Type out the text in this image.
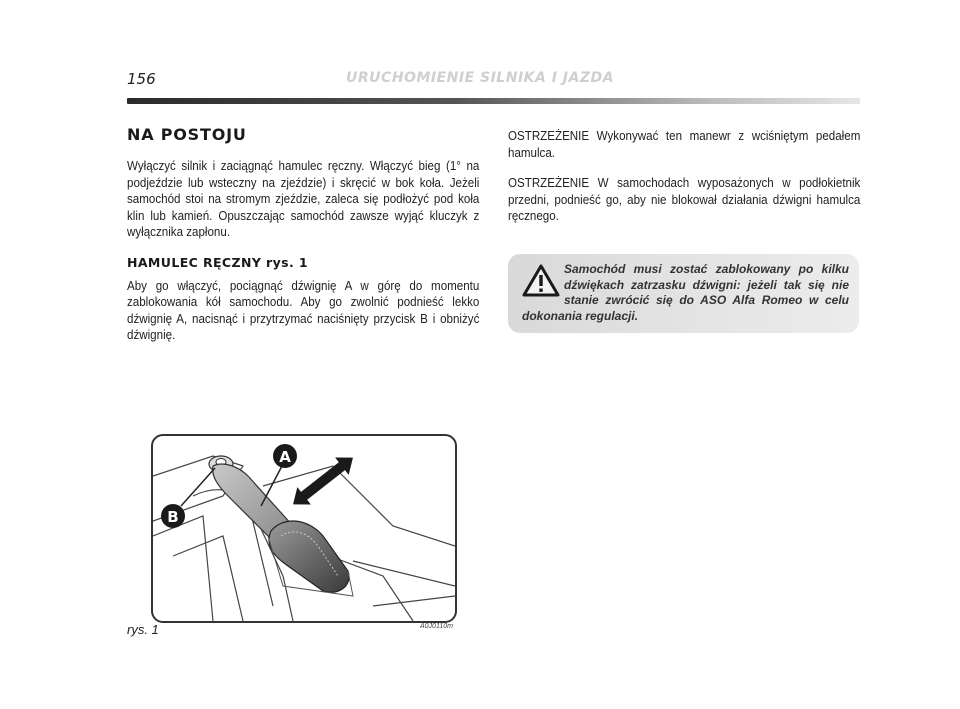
156	URUCHOMIENIE SILNIKA I JAZDA
NA POSTOJU

Wyłączyć silnik i zaciągnąć hamulec ręczny. Włączyć bieg (1° na podjeździe lub wsteczny na zjeździe) i skręcić w bok koła. Jeżeli samochód stoi na stromym zjeździe, zaleca się podłożyć pod koła klin lub kamień. Opuszczając samochód zawsze wyjąć kluczyk z wyłącznika zapłonu.

HAMULEC RĘCZNY rys. 1

Aby go włączyć, pociągnąć dźwignię A w górę do momentu zablokowania kół samochodu. Aby go zwolnić podnieść lekko dźwignię A, nacisnąć i przytrzymać naciśnięty przycisk B i obniżyć dźwignię.

OSTRZEŻENIE Wykonywać ten manewr z wciśniętym pedałem hamulca.

OSTRZEŻENIE W samochodach wyposażonych w podłokietnik przedni, podnieść go, aby nie blokował działania dźwigni hamulca ręcznego.

Samochód musi zostać zablokowany po kilku dźwiękach zatrzasku dźwigni: jeżeli tak się nie stanie zwrócić się do ASO Alfa Romeo w celu dokonania regulacji.

A
B
rys. 1	A0J0110m
